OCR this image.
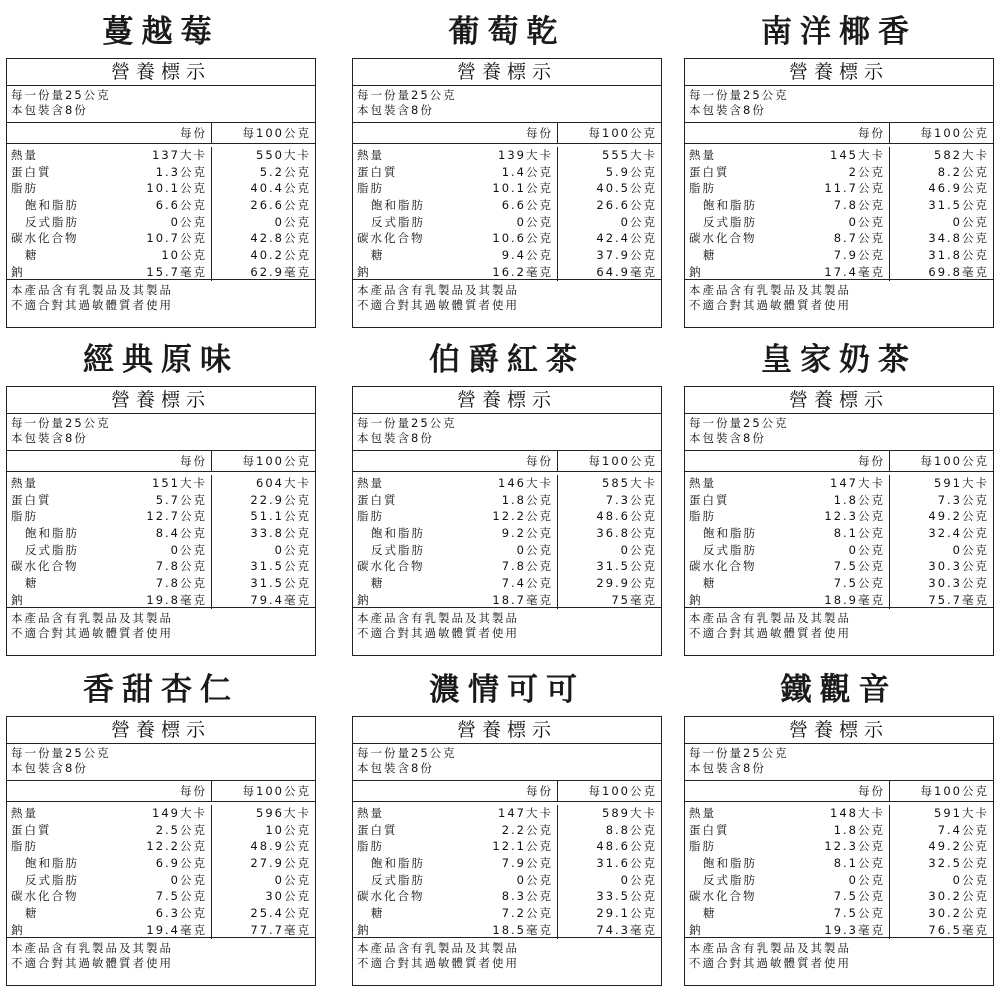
蔓越莓
營養標示
每一份量25公克
本包裝含8份
每份	每100公克
熱量	137大卡	550大卡
蛋白質	1.3公克	5.2公克
脂肪	10.1公克	40.4公克
飽和脂肪	6.6公克	26.6公克
反式脂肪	0公克	0公克
碳水化合物	10.7公克	42.8公克
糖	10公克	40.2公克
鈉	15.7毫克	62.9毫克
本產品含有乳製品及其製品
不適合對其過敏體質者使用
葡萄乾
營養標示
每一份量25公克
本包裝含8份
每份	每100公克
熱量	139大卡	555大卡
蛋白質	1.4公克	5.9公克
脂肪	10.1公克	40.5公克
飽和脂肪	6.6公克	26.6公克
反式脂肪	0公克	0公克
碳水化合物	10.6公克	42.4公克
糖	9.4公克	37.9公克
鈉	16.2毫克	64.9毫克
本產品含有乳製品及其製品
不適合對其過敏體質者使用
南洋椰香
營養標示
每一份量25公克
本包裝含8份
每份	每100公克
熱量	145大卡	582大卡
蛋白質	2公克	8.2公克
脂肪	11.7公克	46.9公克
飽和脂肪	7.8公克	31.5公克
反式脂肪	0公克	0公克
碳水化合物	8.7公克	34.8公克
糖	7.9公克	31.8公克
鈉	17.4毫克	69.8毫克
本產品含有乳製品及其製品
不適合對其過敏體質者使用
經典原味
營養標示
每一份量25公克
本包裝含8份
每份	每100公克
熱量	151大卡	604大卡
蛋白質	5.7公克	22.9公克
脂肪	12.7公克	51.1公克
飽和脂肪	8.4公克	33.8公克
反式脂肪	0公克	0公克
碳水化合物	7.8公克	31.5公克
糖	7.8公克	31.5公克
鈉	19.8毫克	79.4毫克
本產品含有乳製品及其製品
不適合對其過敏體質者使用
伯爵紅茶
營養標示
每一份量25公克
本包裝含8份
每份	每100公克
熱量	146大卡	585大卡
蛋白質	1.8公克	7.3公克
脂肪	12.2公克	48.6公克
飽和脂肪	9.2公克	36.8公克
反式脂肪	0公克	0公克
碳水化合物	7.8公克	31.5公克
糖	7.4公克	29.9公克
鈉	18.7毫克	75毫克
本產品含有乳製品及其製品
不適合對其過敏體質者使用
皇家奶茶
營養標示
每一份量25公克
本包裝含8份
每份	每100公克
熱量	147大卡	591大卡
蛋白質	1.8公克	7.3公克
脂肪	12.3公克	49.2公克
飽和脂肪	8.1公克	32.4公克
反式脂肪	0公克	0公克
碳水化合物	7.5公克	30.3公克
糖	7.5公克	30.3公克
鈉	18.9毫克	75.7毫克
本產品含有乳製品及其製品
不適合對其過敏體質者使用
香甜杏仁
營養標示
每一份量25公克
本包裝含8份
每份	每100公克
熱量	149大卡	596大卡
蛋白質	2.5公克	10公克
脂肪	12.2公克	48.9公克
飽和脂肪	6.9公克	27.9公克
反式脂肪	0公克	0公克
碳水化合物	7.5公克	30公克
糖	6.3公克	25.4公克
鈉	19.4毫克	77.7毫克
本產品含有乳製品及其製品
不適合對其過敏體質者使用
濃情可可
營養標示
每一份量25公克
本包裝含8份
每份	每100公克
熱量	147大卡	589大卡
蛋白質	2.2公克	8.8公克
脂肪	12.1公克	48.6公克
飽和脂肪	7.9公克	31.6公克
反式脂肪	0公克	0公克
碳水化合物	8.3公克	33.5公克
糖	7.2公克	29.1公克
鈉	18.5毫克	74.3毫克
本產品含有乳製品及其製品
不適合對其過敏體質者使用
鐵觀音
營養標示
每一份量25公克
本包裝含8份
每份	每100公克
熱量	148大卡	591大卡
蛋白質	1.8公克	7.4公克
脂肪	12.3公克	49.2公克
飽和脂肪	8.1公克	32.5公克
反式脂肪	0公克	0公克
碳水化合物	7.5公克	30.2公克
糖	7.5公克	30.2公克
鈉	19.3毫克	76.5毫克
本產品含有乳製品及其製品
不適合對其過敏體質者使用
